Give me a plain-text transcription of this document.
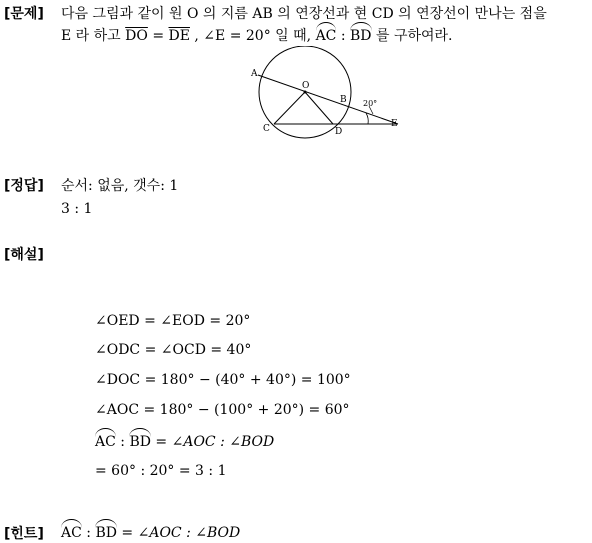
[문제] 다음 그림과 같이 원 O 의 지름 AB 의 연장선과 현 CD 의 연장선이 만나는 점을
E 라 하고 $\overline{DO} = \overline{DE}$ , ∠E = 20° 일 때, AC : BD 를 구하여라.
A
O
B
C	D
E
20°
[정답] 순서: 없음, 갯수: 1
3 : 1
[해설]
∠OED = ∠EOD = 20°
∠ODC = ∠OCD = 40°
∠DOC = 180° − (40° + 40°) = 100°
∠AOC = 180° − (100° + 20°) = 60°
AC : BD = ∠AOC : ∠BOD
= 60° : 20° = 3 : 1
[힌트] AC : BD = ∠AOC : ∠BOD
